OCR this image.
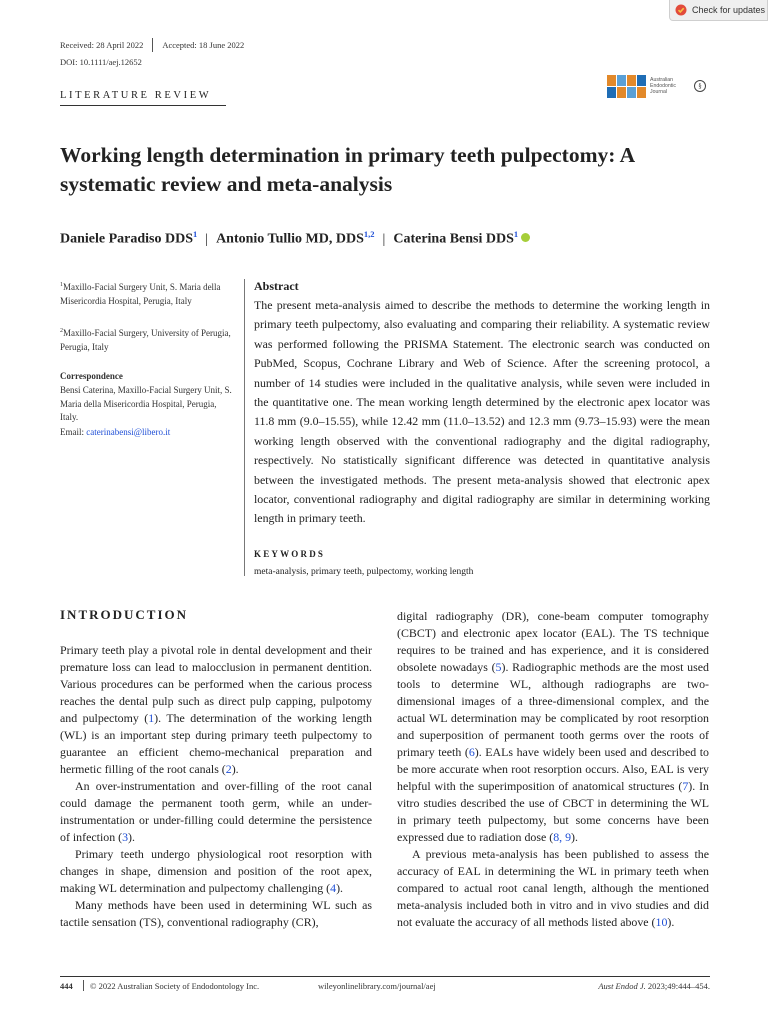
Check for updates
Received: 28 April 2022 Accepted: 18 June 2022
DOI: 10.1111/aej.12652
LITERATURE REVIEW
Australian
Endodontic
Journal
§
Working length determination in primary teeth pulpectomy: A systematic review and meta-analysis
Daniele Paradiso DDS$^1$ | Antonio Tullio MD, DDS$^{1,2}$ | Caterina Bensi DDS$^1$
$^1$Maxillo-Facial Surgery Unit, S. Maria della Misericordia Hospital, Perugia, Italy
$^2$Maxillo-Facial Surgery, University of Perugia, Perugia, Italy
Correspondence
Bensi Caterina, Maxillo-Facial Surgery Unit, S. Maria della Misericordia Hospital, Perugia, Italy.
Email: caterinabensi@libero.it
Abstract
The present meta-analysis aimed to describe the methods to determine the working length in primary teeth pulpectomy, also evaluating and comparing their reliability. A systematic review was performed following the PRISMA Statement. The electronic search was conducted on PubMed, Scopus, Cochrane Library and Web of Science. After the screening protocol, a number of 14 studies were included in the qualitative analysis, while seven were included in the quantitative one. The mean working length determined by the electronic apex locator was 11.8 mm (9.0–15.55), while 12.42 mm (11.0–13.52) and 12.3 mm (9.73–15.93) were the mean working length observed with the conventional radiography and the digital radiography, respectively. No statistically significant difference was detected in quantitative analysis between the investigated methods. The present meta-analysis showed that electronic apex locator, conventional radiography and digital radiography are similar in determining working length in primary teeth.
KEYWORDS
meta-analysis, primary teeth, pulpectomy, working length
INTRODUCTION

Primary teeth play a pivotal role in dental development and their premature loss can lead to malocclusion in permanent dentition. Various procedures can be performed when the carious process reaches the dental pulp such as direct pulp capping, pulpotomy and pulpectomy (1). The determination of the working length (WL) is an important step during primary teeth pulpectomy to guarantee an efficient chemo-mechanical preparation and hermetic filling of the root canals (2).

An over-instrumentation and over-filling of the root canal could damage the permanent tooth germ, while an under-instrumentation or under-filling could determine the persistence of infection (3).

Primary teeth undergo physiological root resorption with changes in shape, dimension and position of the root apex, making WL determination and pulpectomy challenging (4).

Many methods have been used in determining WL such as tactile sensation (TS), conventional radiography (CR),

digital radiography (DR), cone-beam computer tomography (CBCT) and electronic apex locator (EAL). The TS technique requires to be trained and has experience, and it is considered obsolete nowadays (5). Radiographic methods are the most used tools to determine WL, although radiographs are two-dimensional images of a three-dimensional complex, and the actual WL determination may be complicated by root resorption and superposition of permanent tooth germs over the roots of primary teeth (6). EALs have widely been used and described to be more accurate when root resorption occurs. Also, EAL is very helpful with the superimposition of anatomical structures (7). In vitro studies described the use of CBCT in determining the WL in primary teeth pulpectomy, but some concerns have been expressed due to radiation dose (8, 9).

A previous meta-analysis has been published to assess the accuracy of EAL in determining the WL in primary teeth when compared to actual root canal length, although the mentioned meta-analysis included both in vitro and in vivo studies and did not evaluate the accuracy of all methods listed above (10).

444 © 2022 Australian Society of Endodontology Inc.	wileyonlinelibrary.com/journal/aej	Aust Endod J. 2023;49:444–454.
